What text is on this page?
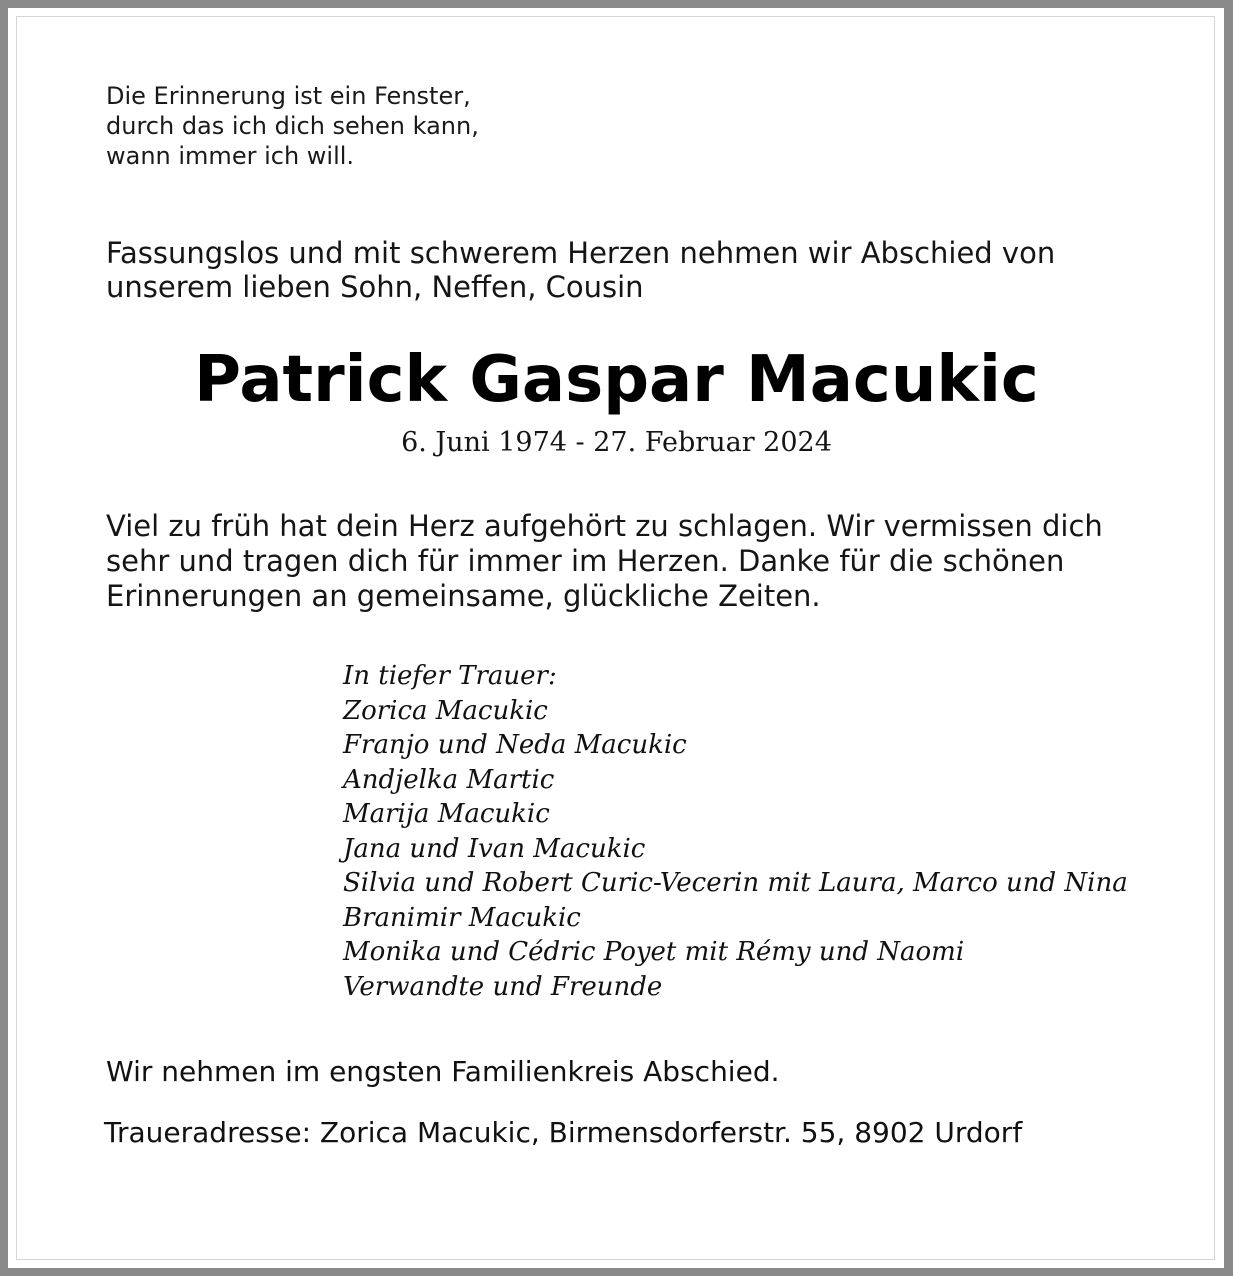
Die Erinnerung ist ein Fenster,
durch das ich dich sehen kann,
wann immer ich will.
Fassungslos und mit schwerem Herzen nehmen wir Abschied von
unserem lieben Sohn, Neffen, Cousin
Patrick Gaspar Macukic
6. Juni 1974 - 27. Februar 2024
Viel zu früh hat dein Herz aufgehört zu schlagen. Wir vermissen dich
sehr und tragen dich für immer im Herzen. Danke für die schönen
Erinnerungen an gemeinsame, glückliche Zeiten.
In tiefer Trauer:
Zorica Macukic
Franjo und Neda Macukic
Andjelka Martic
Marija Macukic
Jana und Ivan Macukic
Silvia und Robert Curic-Vecerin mit Laura, Marco und Nina
Branimir Macukic
Monika und Cédric Poyet mit Rémy und Naomi
Verwandte und Freunde
Wir nehmen im engsten Familienkreis Abschied.
Traueradresse: Zorica Macukic, Birmensdorferstr. 55, 8902 Urdorf
